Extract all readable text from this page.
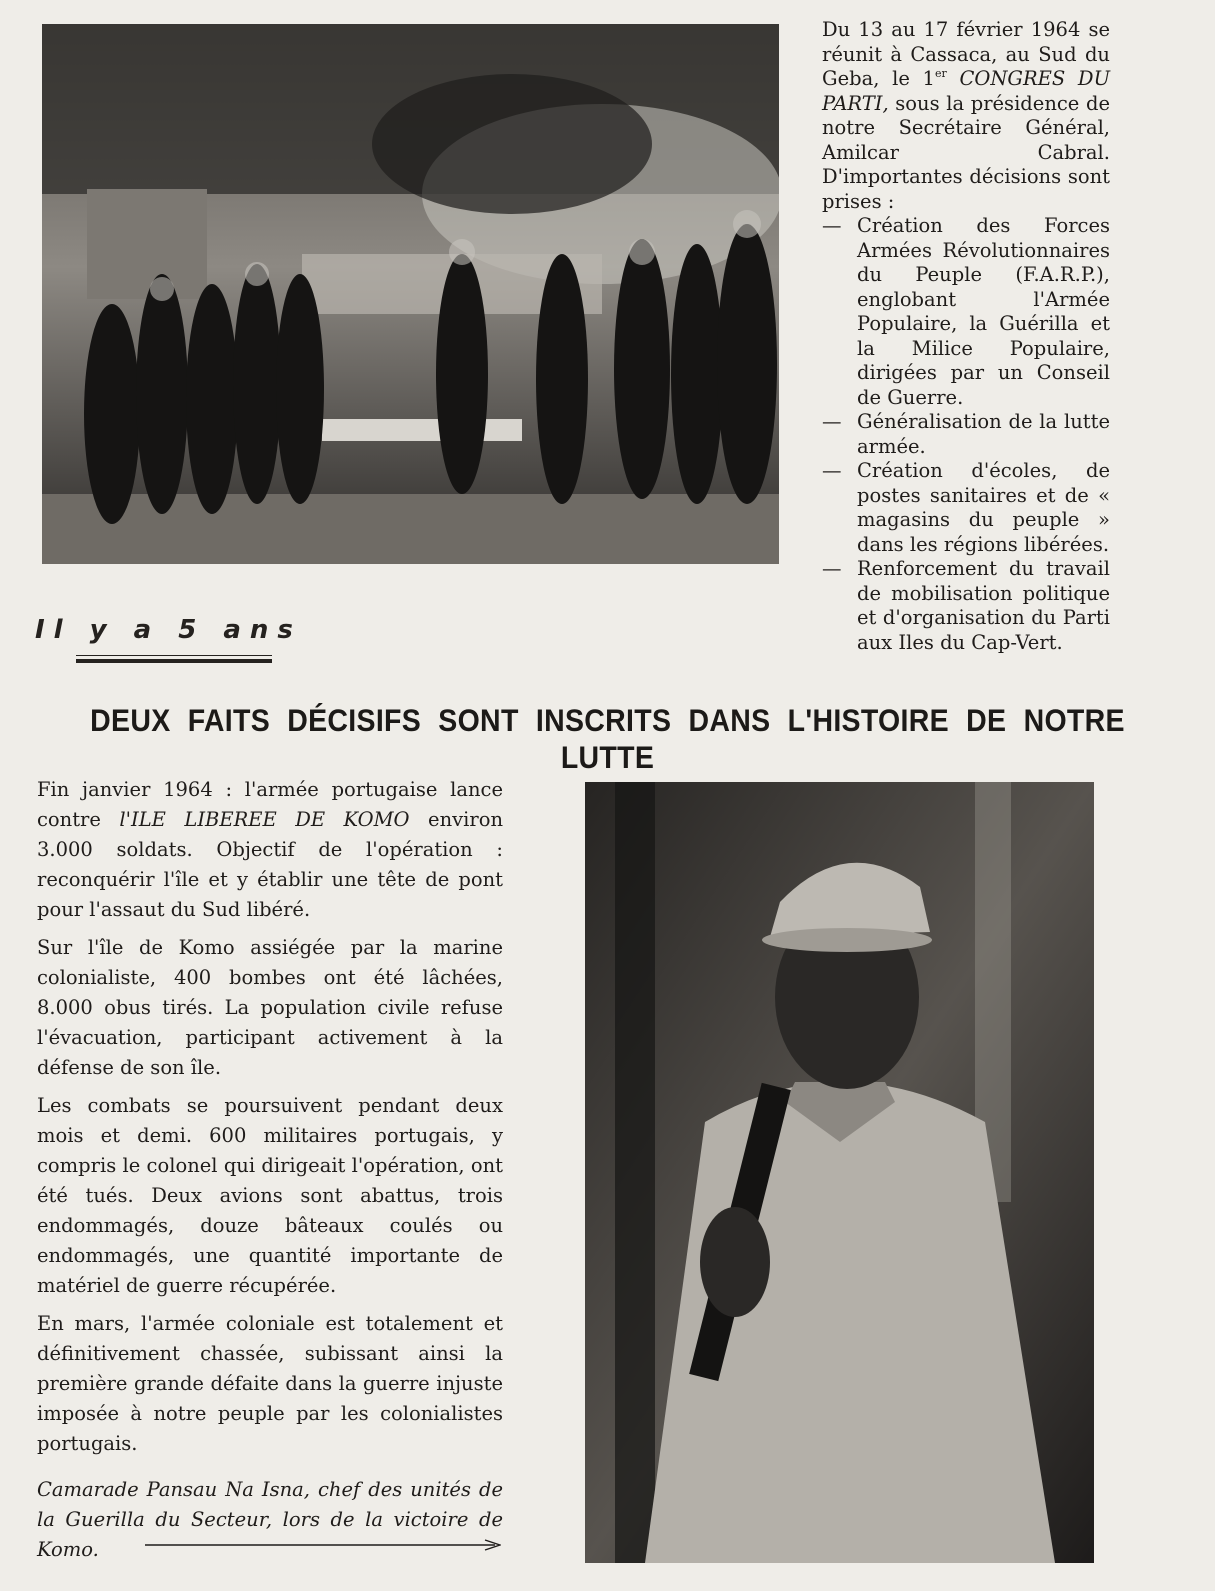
Du 13 au 17 février 1964 se réunit à Cassaca, au Sud du Geba, le 1er CONGRES DU PARTI, sous la présidence de notre Secrétaire Général, Amilcar Cabral. D'importantes décisions sont prises :

— Création des Forces Armées Révolutionnaires du Peuple (F.A.R.P.), englobant l'Armée Populaire, la Guérilla et la Milice Populaire, dirigées par un Conseil de Guerre.
— Généralisation de la lutte armée.
— Création d'écoles, de postes sanitaires et de « magasins du peuple » dans les régions libérées.
— Renforcement du travail de mobilisation politique et d'organisation du Parti aux Iles du Cap-Vert.
Il y a 5 ans
DEUX FAITS DÉCISIFS SONT INSCRITS DANS L'HISTOIRE DE NOTRE LUTTE

Fin janvier 1964 : l'armée portugaise lance contre l'ILE LIBEREE DE KOMO environ 3.000 soldats. Objectif de l'opération : reconquérir l'île et y établir une tête de pont pour l'assaut du Sud libéré.

Sur l'île de Komo assiégée par la marine colonialiste, 400 bombes ont été lâchées, 8.000 obus tirés. La population civile refuse l'évacuation, participant activement à la défense de son île.

Les combats se poursuivent pendant deux mois et demi. 600 militaires portugais, y compris le colonel qui dirigeait l'opération, ont été tués. Deux avions sont abattus, trois endommagés, douze bâteaux coulés ou endommagés, une quantité importante de matériel de guerre récupérée.

En mars, l'armée coloniale est totalement et définitivement chassée, subissant ainsi la première grande défaite dans la guerre injuste imposée à notre peuple par les colonialistes portugais.

Camarade Pansau Na Isna, chef des unités de la Guerilla du Secteur, lors de la victoire de Komo.
